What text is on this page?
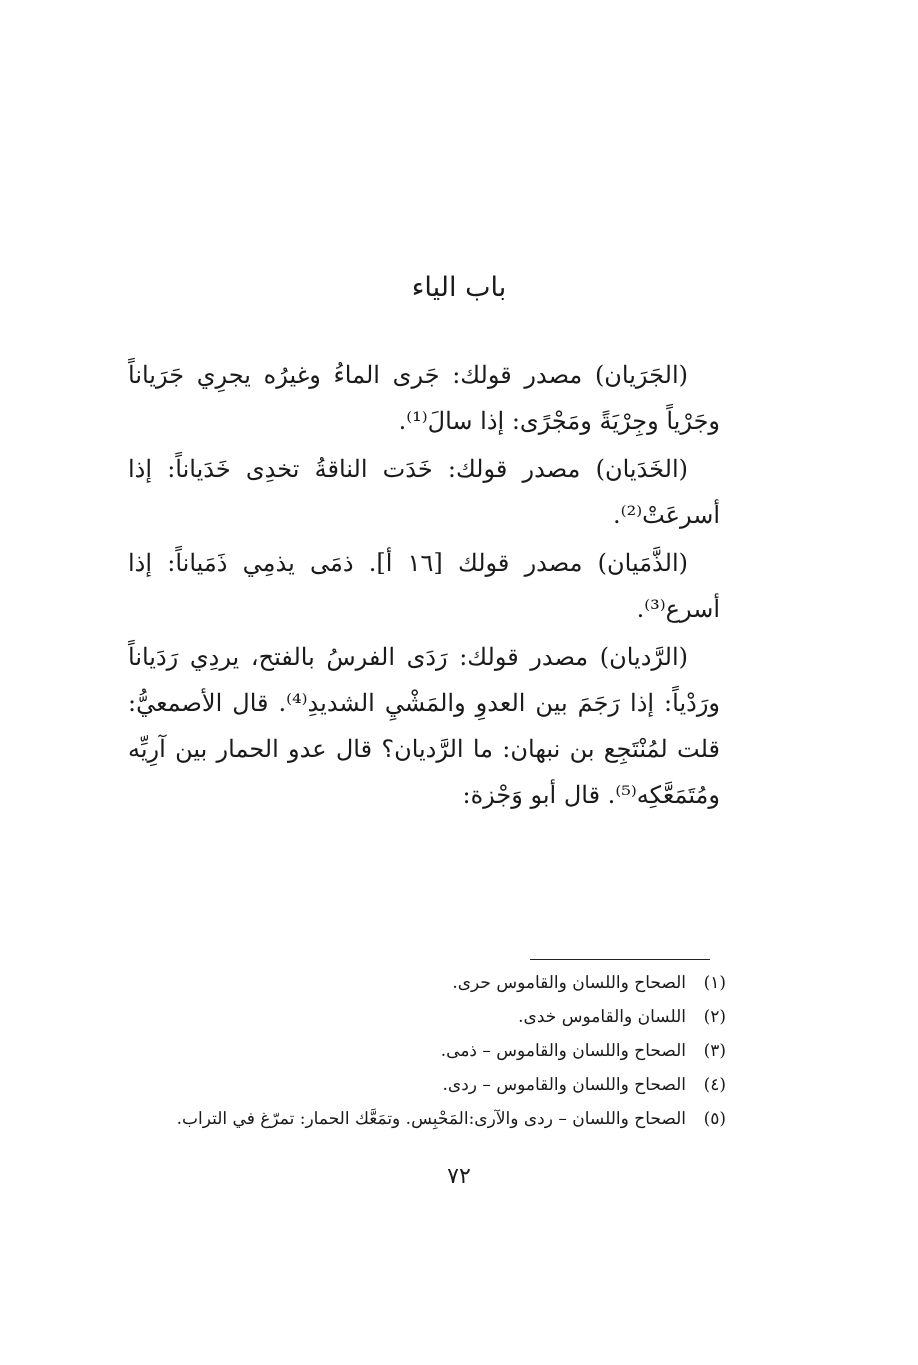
باب الياء

(الجَرَيان) مصدر قولك: جَرى الماءُ وغيرُه يجرِي جَرَياناً وجَرْياً وجِرْيَةً ومَجْرًى: إذا سالَ⁽¹⁾.

(الخَدَيان) مصدر قولك: خَدَت الناقةُ تخدِى خَدَياناً: إذا أسرعَتْ⁽²⁾.

(الذَّمَيان) مصدر قولك [١٦ أ]. ذمَى يذمِي ذَمَياناً: إذا أسرع⁽³⁾.

(الرَّديان) مصدر قولك: رَدَى الفرسُ بالفتح، يردِي رَدَياناً ورَدْياً: إذا رَجَمَ بين العدوِ والمَشْيِ الشديدِ⁽⁴⁾. قال الأصمعيُّ: قلت لمُنْتَجِع بن نبهان: ما الرَّديان؟ قال عدو الحمار بين آرِيِّه ومُتَمَعَّكِه⁽⁵⁾. قال أبو وَجْزة:

(١)
الصحاح واللسان والقاموس حرى.
(٢)
اللسان والقاموس خدى.
(٣)
الصحاح واللسان والقاموس – ذمى.
(٤)
الصحاح واللسان والقاموس – ردى.
(٥)
الصحاح واللسان – ردى والآرى:المَحْبِس. وتمَعَّك الحمار: تمرّغ في التراب.
٧٢
